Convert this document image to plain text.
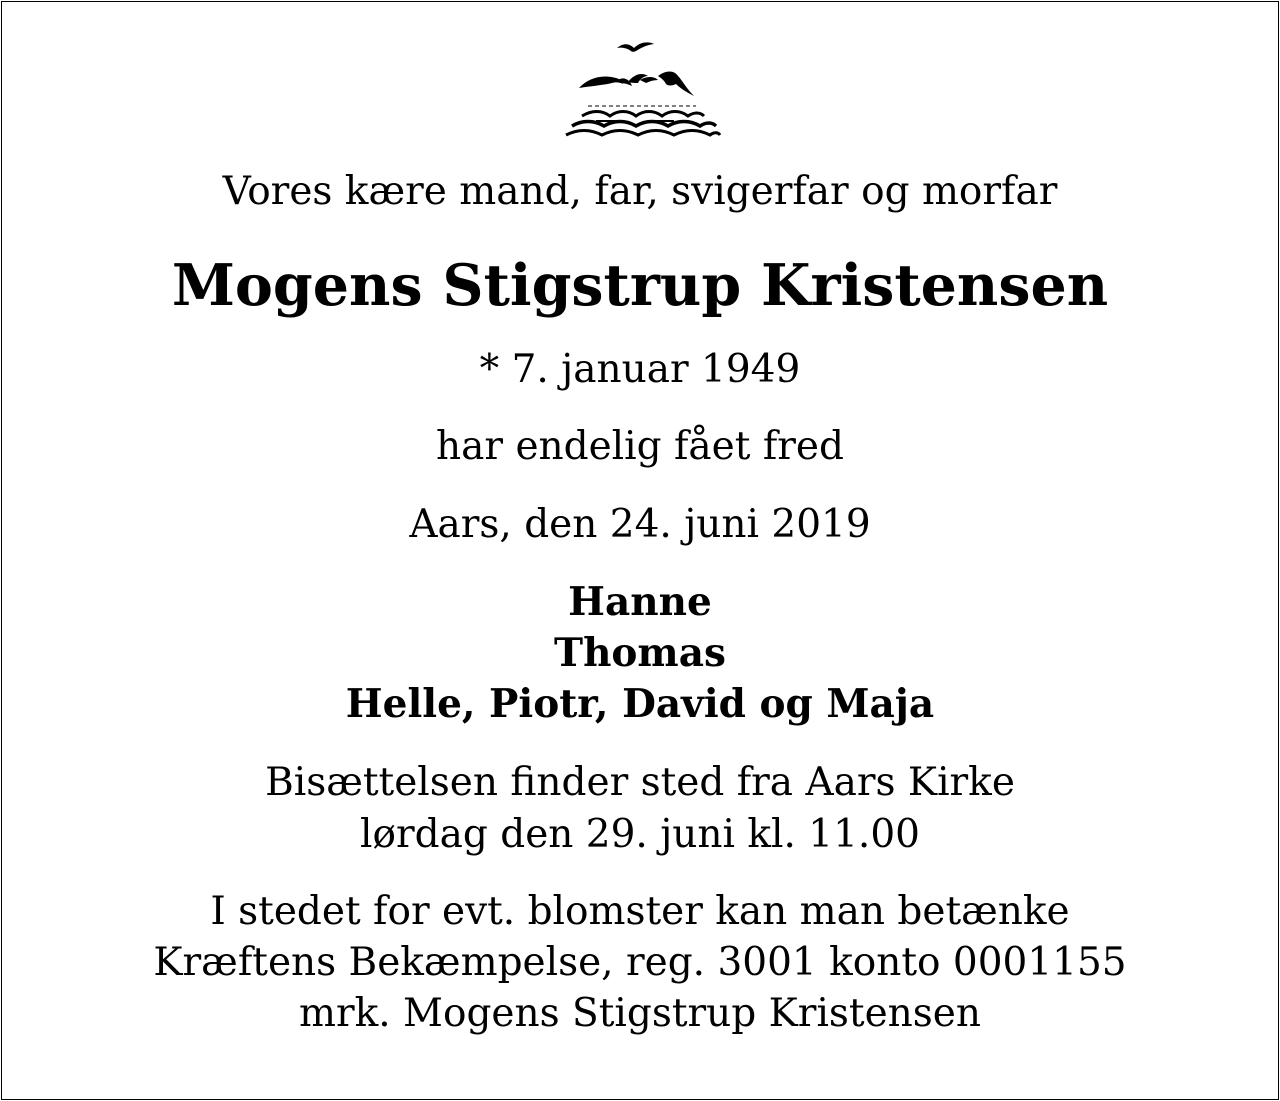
Vores kære mand, far, svigerfar og morfar
Mogens Stigstrup Kristensen
* 7. januar 1949
har endelig fået fred
Aars, den 24. juni 2019
Hanne
Thomas
Helle, Piotr, David og Maja
Bisættelsen finder sted fra Aars Kirke
lørdag den 29. juni kl. 11.00
I stedet for evt. blomster kan man betænke
Kræftens Bekæmpelse, reg. 3001 konto 0001155
mrk. Mogens Stigstrup Kristensen
